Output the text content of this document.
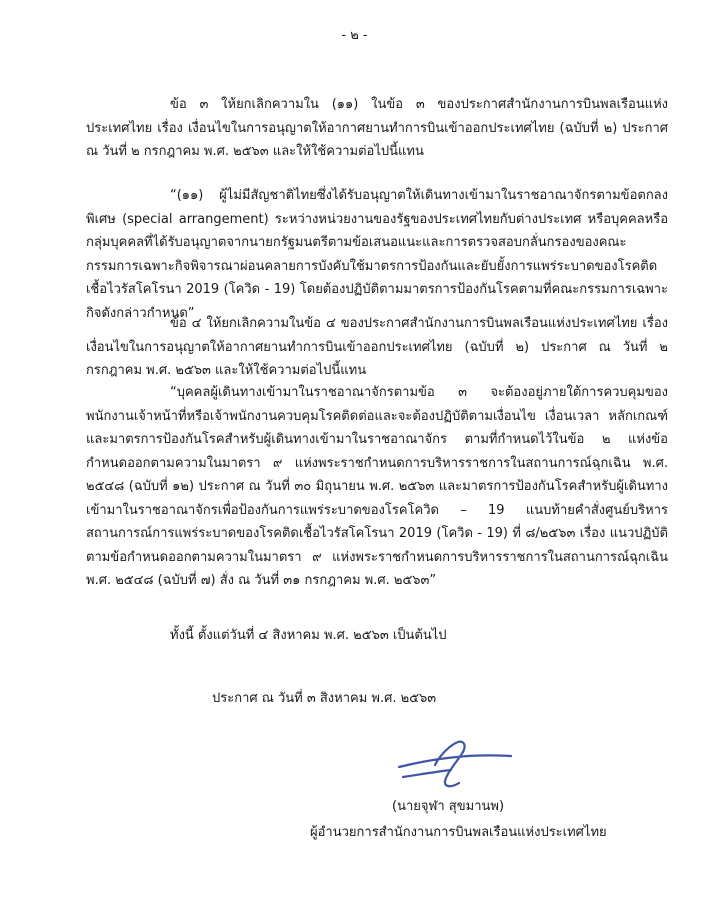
- ๒ -

ข้อ ๓ ให้ยกเลิกความใน (๑๑) ในข้อ ๓ ของประกาศสำนักงานการบินพลเรือนแห่งประเทศไทย เรื่อง เงื่อนไขในการอนุญาตให้อากาศยานทำการบินเข้าออกประเทศไทย (ฉบับที่ ๒) ประกาศ ณ วันที่ ๒ กรกฎาคม พ.ศ. ๒๕๖๓ และให้ใช้ความต่อไปนี้แทน

“(๑๑) ผู้ไม่มีสัญชาติไทยซึ่งได้รับอนุญาตให้เดินทางเข้ามาในราชอาณาจักรตามข้อตกลงพิเศษ (special arrangement) ระหว่างหน่วยงานของรัฐของประเทศไทยกับต่างประเทศ หรือบุคคลหรือกลุ่มบุคคลที่ได้รับอนุญาตจากนายกรัฐมนตรีตามข้อเสนอแนะและการตรวจสอบกลั่นกรองของคณะกรรมการเฉพาะกิจพิจารณาผ่อนคลายการบังคับใช้มาตรการป้องกันและยับยั้งการแพร่ระบาดของโรคติดเชื้อไวรัสโคโรนา 2019 (โควิด - 19) โดยต้องปฏิบัติตามมาตรการป้องกันโรคตามที่คณะกรรมการเฉพาะกิจดังกล่าวกำหนด”

ข้อ ๔ ให้ยกเลิกความในข้อ ๔ ของประกาศสำนักงานการบินพลเรือนแห่งประเทศไทย เรื่อง เงื่อนไขในการอนุญาตให้อากาศยานทำการบินเข้าออกประเทศไทย (ฉบับที่ ๒) ประกาศ ณ วันที่ ๒ กรกฎาคม พ.ศ. ๒๕๖๓ และให้ใช้ความต่อไปนี้แทน

“บุคคลผู้เดินทางเข้ามาในราชอาณาจักรตามข้อ ๓ จะต้องอยู่ภายใต้การควบคุมของพนักงานเจ้าหน้าที่หรือเจ้าพนักงานควบคุมโรคติดต่อและจะต้องปฏิบัติตามเงื่อนไข เงื่อนเวลา หลักเกณฑ์และมาตรการป้องกันโรคสำหรับผู้เดินทางเข้ามาในราชอาณาจักร ตามที่กำหนดไว้ในข้อ ๒ แห่งข้อกำหนดออกตามความในมาตรา ๙ แห่งพระราชกำหนดการบริหารราชการในสถานการณ์ฉุกเฉิน พ.ศ. ๒๕๔๘ (ฉบับที่ ๑๒) ประกาศ ณ วันที่ ๓๐ มิถุนายน พ.ศ. ๒๕๖๓ และมาตรการป้องกันโรคสำหรับผู้เดินทางเข้ามาในราชอาณาจักรเพื่อป้องกันการแพร่ระบาดของโรคโควิด – 19 แนบท้ายคำสั่งศูนย์บริหารสถานการณ์การแพร่ระบาดของโรคติดเชื้อไวรัสโคโรนา 2019 (โควิด - 19) ที่ ๘/๒๕๖๓ เรื่อง แนวปฏิบัติตามข้อกำหนดออกตามความในมาตรา ๙ แห่งพระราชกำหนดการบริหารราชการในสถานการณ์ฉุกเฉิน พ.ศ. ๒๕๔๘ (ฉบับที่ ๗) สั่ง ณ วันที่ ๓๑ กรกฎาคม พ.ศ. ๒๕๖๓”

ทั้งนี้ ตั้งแต่วันที่ ๔ สิงหาคม พ.ศ. ๒๕๖๓ เป็นต้นไป

ประกาศ ณ วันที่ ๓ สิงหาคม พ.ศ. ๒๕๖๓
(นายจุฬา สุขมานพ)
ผู้อำนวยการสำนักงานการบินพลเรือนแห่งประเทศไทย
